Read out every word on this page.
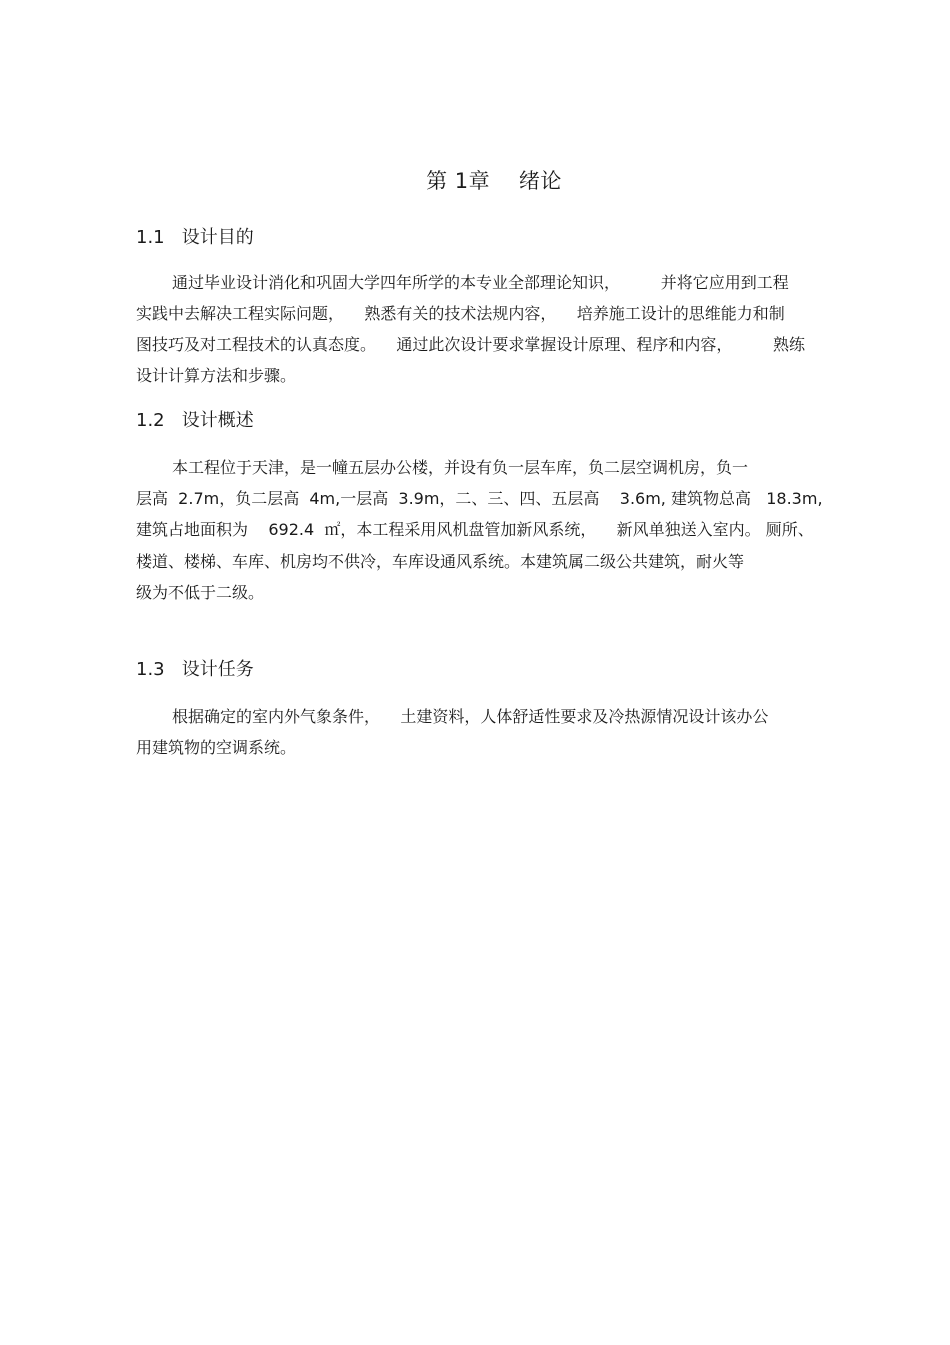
第 1章    绪论
1.1   设计目的
通过毕业设计消化和巩固大学四年所学的本专业全部理论知识，        并将它应用到工程
实践中去解决工程实际问题，    熟悉有关的技术法规内容，    培养施工设计的思维能力和制
图技巧及对工程技术的认真态度。    通过此次设计要求掌握设计原理、程序和内容，        熟练
设计计算方法和步骤。
1.2   设计概述
本工程位于天津，是一幢五层办公楼，并设有负一层车库，负二层空调机房，负一
层高  2.7m，负二层高  4m,一层高  3.9m，二、三、四、五层高    3.6m, 建筑物总高   18.3m,
建筑占地面积为    692.4  ㎡，本工程采用风机盘管加新风系统，    新风单独送入室内。 厕所、
楼道、楼梯、车库、机房均不供冷，车库设通风系统。本建筑属二级公共建筑，耐火等
级为不低于二级。
1.3   设计任务
根据确定的室内外气象条件，    土建资料，人体舒适性要求及冷热源情况设计该办公
用建筑物的空调系统。
